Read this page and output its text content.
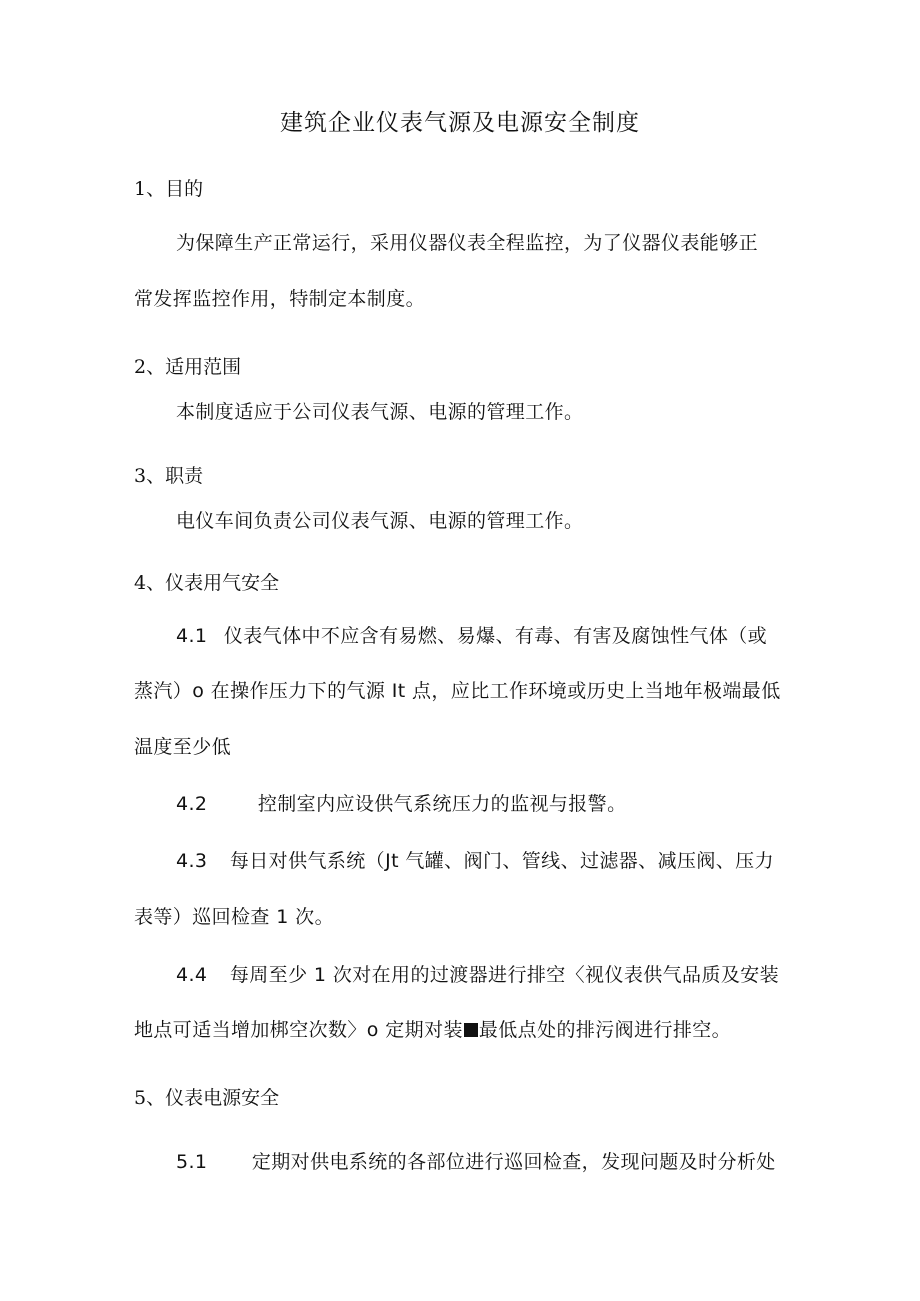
建筑企业仪表气源及电源安全制度
1、目的
为保障生产正常运行，采用仪器仪表全程监控，为了仪器仪表能够正
常发挥监控作用，特制定本制度。
2、适用范围
本制度适应于公司仪表气源、电源的管理工作。
3、职责
电仪车间负责公司仪表气源、电源的管理工作。
4、仪表用气安全
4.1 仪表气体中不应含有易燃、易爆、有毒、有害及腐蚀性气体（或
蒸汽）o 在操作压力下的气源 It 点，应比工作环境或历史上当地年极端最低
温度至少低
4.2	控制室内应设供气系统压力的监视与报警。
4.3 每日对供气系统（Jt 气罐、阀门、管线、过滤器、减压阀、压力
表等）巡回检查 1 次。
4.4 每周至少 1 次对在用的过渡器进行排空〈视仪表供气品质及安装
地点可适当增加梆空次数〉o 定期对装 最低点处的排污阀进行排空。
5、仪表电源安全
5.1 定期对供电系统的各部位进行巡回检查，发现问题及时分析处
